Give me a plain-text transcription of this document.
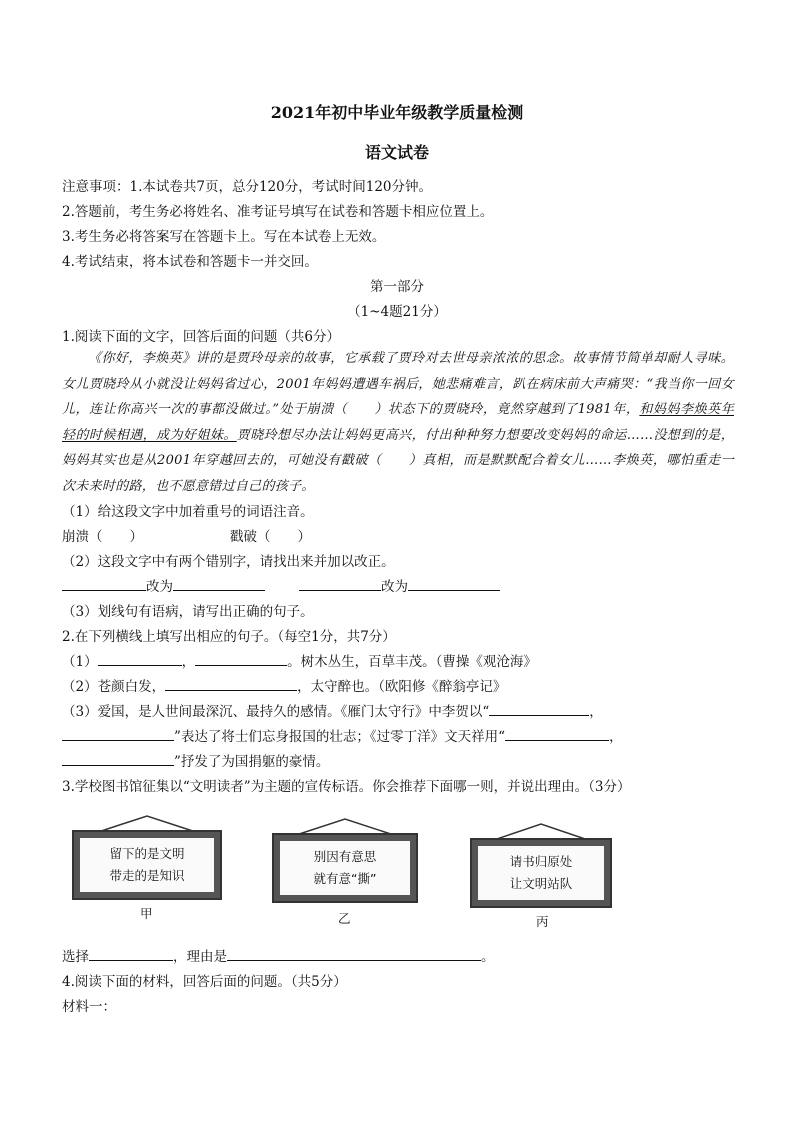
2021年初中毕业年级教学质量检测
语文试卷
注意事项：1.本试卷共7页，总分120分，考试时间120分钟。
2.答题前，考生务必将姓名、准考证号填写在试卷和答题卡相应位置上。
3.考生务必将答案写在答题卡上。写在本试卷上无效。
4.考试结束，将本试卷和答题卡一并交回。
第一部分
（1~4题21分）
1.阅读下面的文字，回答后面的问题（共6分）

《你好，李焕英》讲的是贾玲母亲的故事，它承载了贾玲对去世母亲浓浓的思念。故事情节简单却耐人寻味。女儿贾晓玲从小就没让妈妈省过心，2001年妈妈遭遇车祸后，她悲痛难言，趴在病床前大声痛哭：“我当你一回女儿，连让你高兴一次的事都没做过。”处于崩溃（　　）状态下的贾晓玲，竟然穿越到了1981年，和妈妈李焕英年轻的时候相遇，成为好姐妹。贾晓玲想尽办法让妈妈更高兴，付出种种努力想要改变妈妈的命运……没想到的是，妈妈其实也是从2001年穿越回去的，可她没有戳破（　　）真相，而是默默配合着女儿……李焕英，哪怕重走一次未来时的路，也不愿意错过自己的孩子。

（1）给这段文字中加着重号的词语注音。
崩溃（　　）	戳破（　　）
（2）这段文字中有两个错别字，请找出来并加以改正。
改为	改为
（3）划线句有语病，请写出正确的句子。
2.在下列横线上填写出相应的句子。（每空1分，共7分）
（1）	，	。树木丛生，百草丰茂。（曹操《观沧海》
（2）苍颜白发，	，太守醉也。（欧阳修《醉翁亭记》
（3）爱国，是人世间最深沉、最持久的感情。《雁门太守行》中李贺以“	，
”表达了将士们忘身报国的壮志；《过零丁洋》文天祥用“	，
”抒发了为国捐躯的豪情。
3.学校图书馆征集以“文明读者”为主题的宣传标语。你会推荐下面哪一则，并说出理由。（3分）
留下的是文明
带走的是知识
甲
别因有意思
就有意“撕”
乙
请书归原处
让文明站队
丙
选择	，理由是	。
4.阅读下面的材料，回答后面的问题。（共5分）
材料一：
